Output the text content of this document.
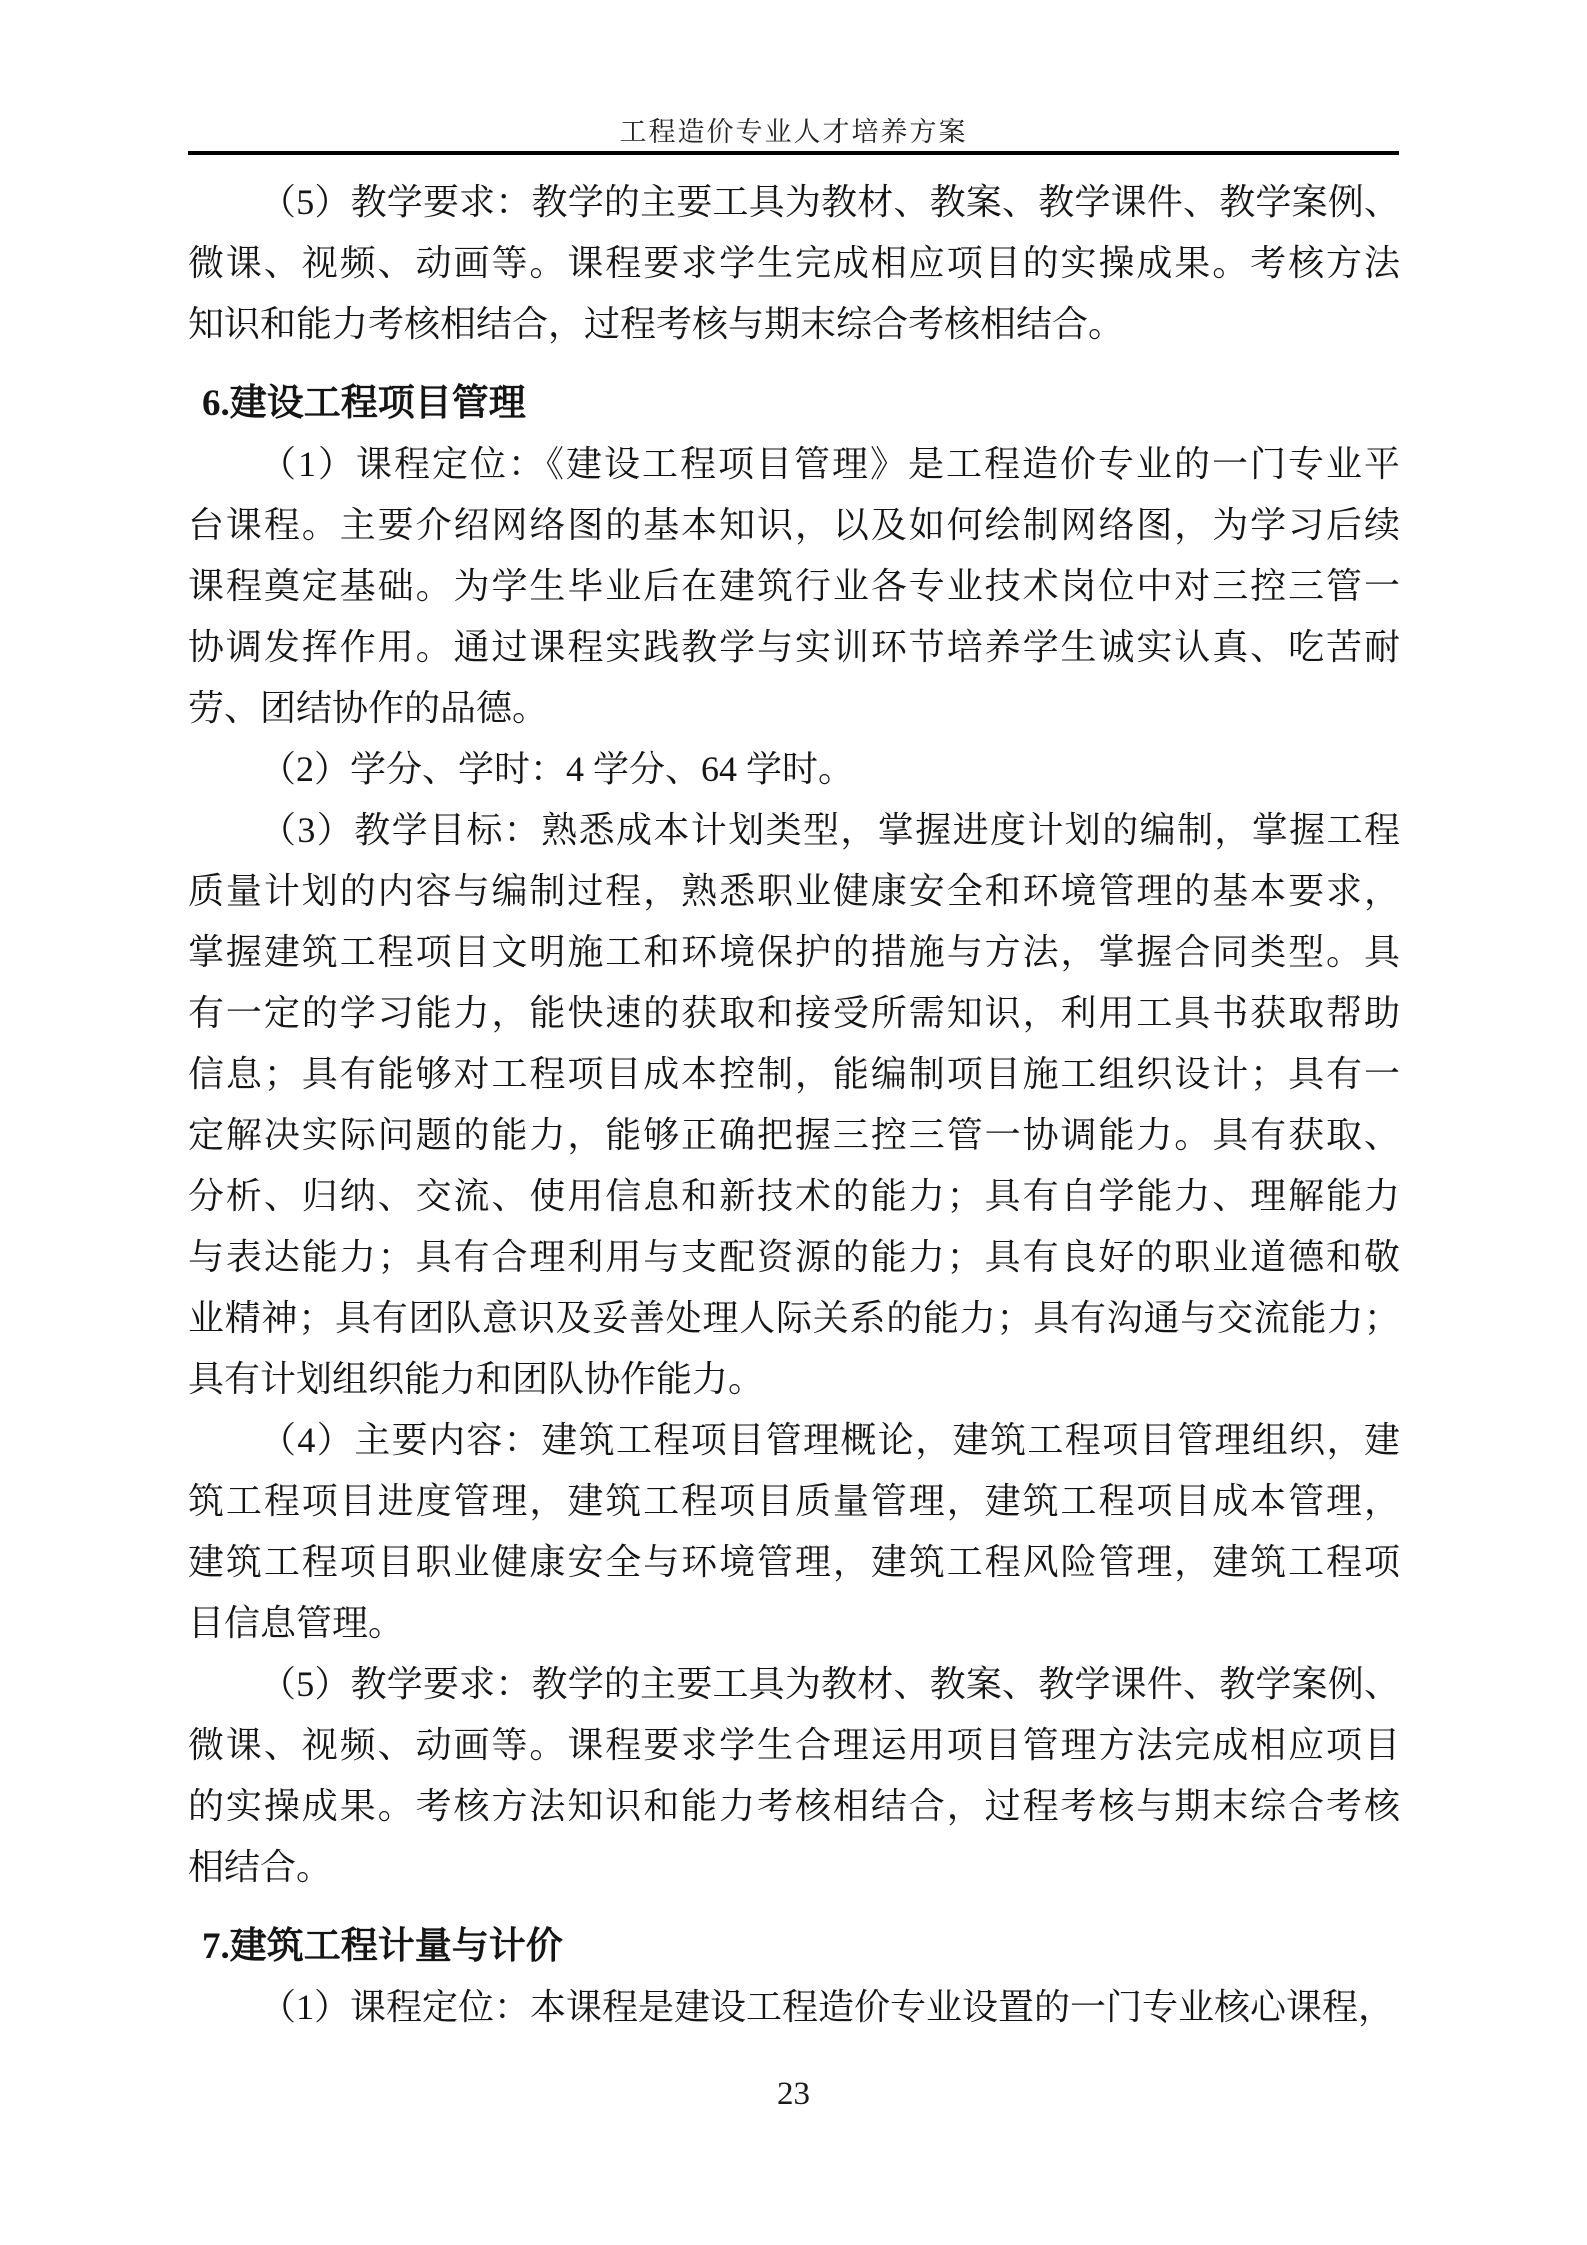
工程造价专业人才培养方案
（5）教学要求：教学的主要工具为教材、教案、教学课件、教学案例、
微课、视频、动画等。课程要求学生完成相应项目的实操成果。考核方法
知识和能力考核相结合，过程考核与期末综合考核相结合。
6.建设工程项目管理
（1）课程定位：《建设工程项目管理》是工程造价专业的一门专业平
台课程。主要介绍网络图的基本知识，以及如何绘制网络图，为学习后续
课程奠定基础。为学生毕业后在建筑行业各专业技术岗位中对三控三管一
协调发挥作用。通过课程实践教学与实训环节培养学生诚实认真、吃苦耐
劳、团结协作的品德。
（2）学分、学时：4 学分、64 学时。
（3）教学目标：熟悉成本计划类型，掌握进度计划的编制，掌握工程
质量计划的内容与编制过程，熟悉职业健康安全和环境管理的基本要求，
掌握建筑工程项目文明施工和环境保护的措施与方法，掌握合同类型。具
有一定的学习能力，能快速的获取和接受所需知识，利用工具书获取帮助
信息；具有能够对工程项目成本控制，能编制项目施工组织设计；具有一
定解决实际问题的能力，能够正确把握三控三管一协调能力。具有获取、
分析、归纳、交流、使用信息和新技术的能力；具有自学能力、理解能力
与表达能力；具有合理利用与支配资源的能力；具有良好的职业道德和敬
业精神；具有团队意识及妥善处理人际关系的能力；具有沟通与交流能力；
具有计划组织能力和团队协作能力。
（4）主要内容：建筑工程项目管理概论，建筑工程项目管理组织，建
筑工程项目进度管理，建筑工程项目质量管理，建筑工程项目成本管理，
建筑工程项目职业健康安全与环境管理，建筑工程风险管理，建筑工程项
目信息管理。
（5）教学要求：教学的主要工具为教材、教案、教学课件、教学案例、
微课、视频、动画等。课程要求学生合理运用项目管理方法完成相应项目
的实操成果。考核方法知识和能力考核相结合，过程考核与期末综合考核
相结合。
7.建筑工程计量与计价
（1）课程定位：本课程是建设工程造价专业设置的一门专业核心课程，
23
